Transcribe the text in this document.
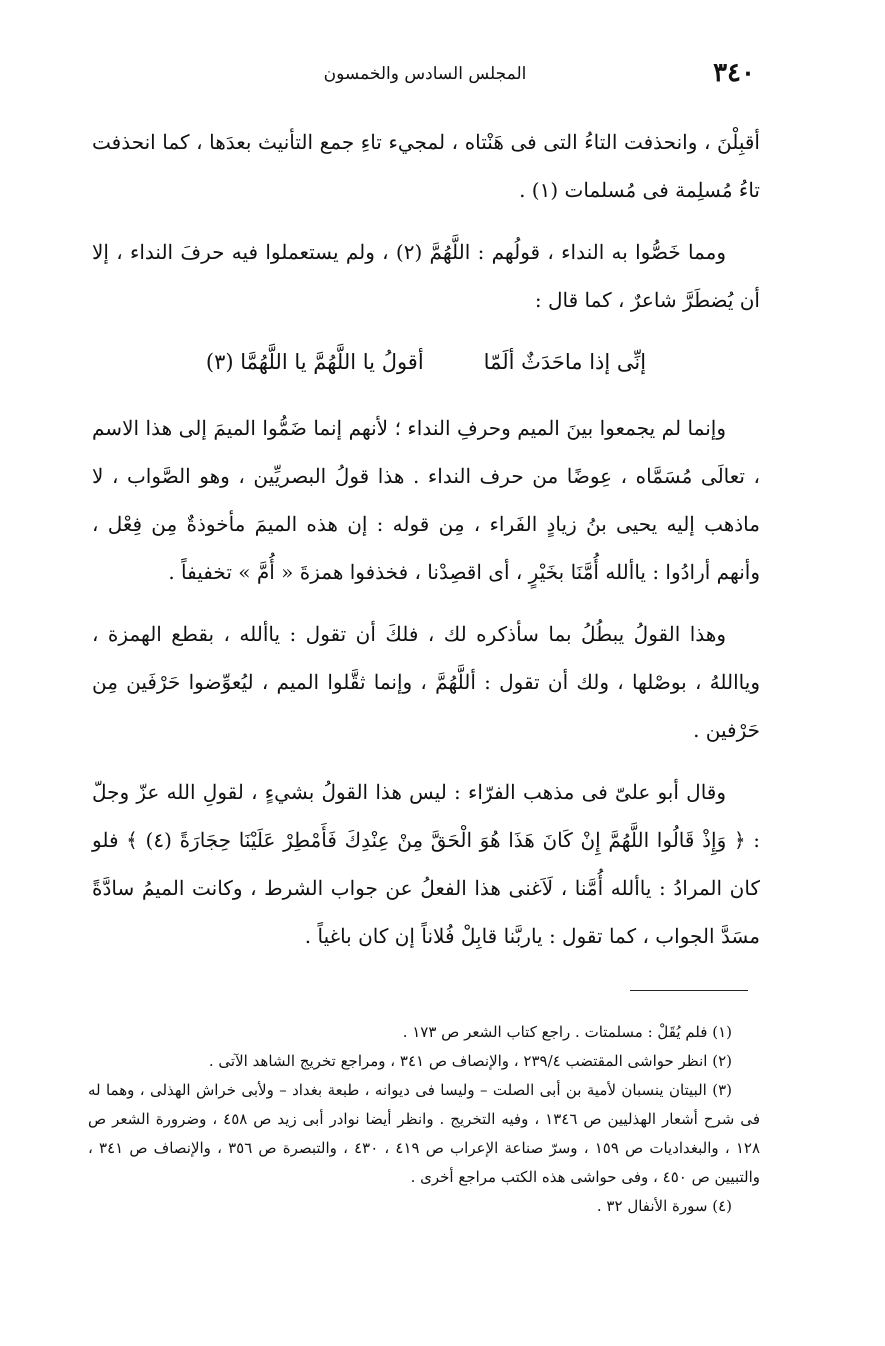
٣٤٠
المجلس السادس والخمسون

أقبِلْنَ ، وانحذفت التاءُ التى فى هَنْتاه ، لمجيء تاءِ جمع التأنيث بعدَها ، كما انحذفت تاءُ مُسلِمة فى مُسلمات (١) .

ومما خَصُّوا به النداء ، قولُهم : اللَّهُمَّ (٢) ، ولم يستعملوا فيه حرفَ النداء ، إلا أن يُضطَرَّ شاعرٌ ، كما قال :

إنِّى إذا ماحَدَثٌ ألَمّا
أقولُ يا اللَّهُمَّ يا اللَّهُمَّا (٣)

وإنما لم يجمعوا بينَ الميم وحرفِ النداء ؛ لأنهم إنما ضَمُّوا الميمَ إلى هذا الاسم ، تعالَى مُسَمَّاه ، عِوضًا من حرف النداء . هذا قولُ البصريِّين ، وهو الصَّواب ، لا ماذهب إليه يحيى بنُ زيادٍ الفَراء ، مِن قوله : إن هذه الميمَ مأخوذةٌ مِن فِعْل ، وأنهم أرادُوا : ياألله أُمَّنَا بخَيْرٍ ، أى اقصِدْنا ، فخذفوا همزةَ « أُمَّ » تخفيفاً .

وهذا القولُ يبطُلُ بما سأذكره لك ، فلكَ أن تقول : ياألله ، بقطع الهمزة ، ويااللهُ ، بوصْلها ، ولك أن تقول : أللَّهُمَّ ، وإنما ثقَّلوا الميم ، ليُعوِّضوا حَرْفَين مِن حَرْفين .

وقال أبو علىّ فى مذهب الفرّاء : ليس هذا القولُ بشيءٍ ، لقولِ الله عزّ وجلّ : ﴿ وَإِذْ قَالُوا اللَّهُمَّ إِنْ كَانَ هَذَا هُوَ الْحَقَّ مِنْ عِنْدِكَ فَأَمْطِرْ عَلَيْنَا حِجَارَةً (٤) ﴾ فلو كان المرادُ : ياألله أُمَّنا ، لَاَغنى هذا الفعلُ عن جواب الشرط ، وكانت الميمُ سادَّةً مسَدَّ الجواب ، كما تقول : ياربَّنا قابِلْ فُلاناً إن كان باغياً .

(١) فلم يُقَلْ : مسلمتات . راجع كتاب الشعر ص ١٧٣ .

(٢) انظر حواشى المقتضب ٢٣٩/٤ ، والإنصاف ص ٣٤١ ، ومراجع تخريج الشاهد الآتى .

(٣) البيتان ينسبان لأمية بن أبى الصلت – وليسا فى ديوانه ، طبعة بغداد – ولأبى خراش الهذلى ، وهما له فى شرح أشعار الهذليين ص ١٣٤٦ ، وفيه التخريج . وانظر أيضا نوادر أبى زيد ص ٤٥٨ ، وضرورة الشعر ص ١٢٨ ، والبغداديات ص ١٥٩ ، وسرّ صناعة الإعراب ص ٤١٩ ، ٤٣٠ ، والتبصرة ص ٣٥٦ ، والإنصاف ص ٣٤١ ، والتبيين ص ٤٥٠ ، وفى حواشى هذه الكتب مراجع أخرى .

(٤) سورة الأنفال ٣٢ .
